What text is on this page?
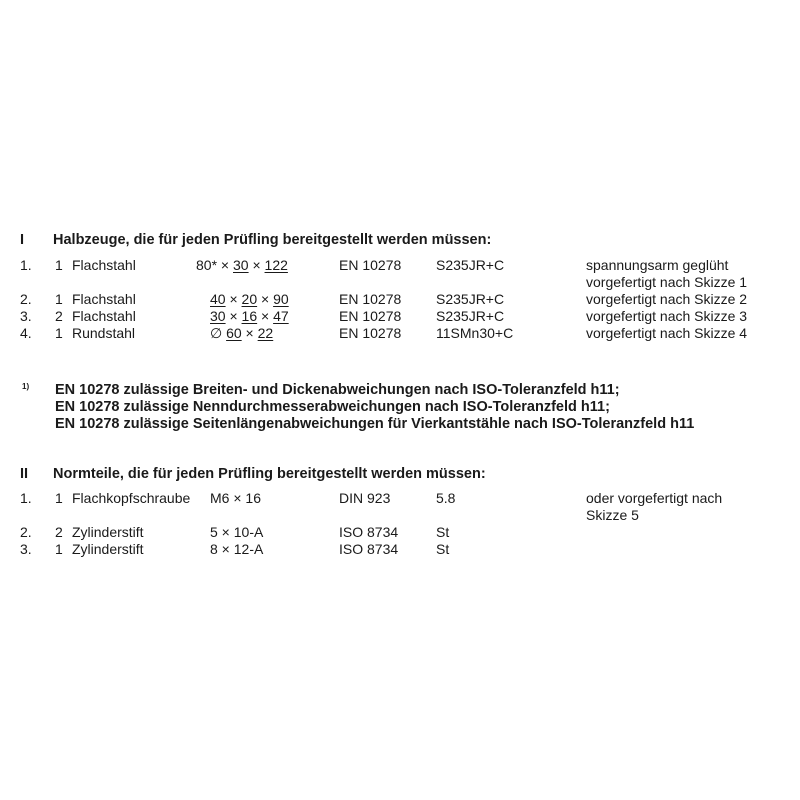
I Halbzeuge, die für jeden Prüfling bereitgestellt werden müssen:
1. 1 Flachstahl	80* × 30 × 122	EN 10278 S235JR+C	spannungsarm geglüht
vorgefertigt nach Skizze 1
2. 1 Flachstahl	40 × 20 × 90	EN 10278 S235JR+C	vorgefertigt nach Skizze 2
3. 2 Flachstahl	30 × 16 × 47	EN 10278 S235JR+C	vorgefertigt nach Skizze 3
4. 1 Rundstahl	∅ 60 × 22	EN 10278 11SMn30+C	vorgefertigt nach Skizze 4
1) EN 10278 zulässige Breiten- und Dickenabweichungen nach ISO-Toleranzfeld h11;
EN 10278 zulässige Nenndurchmesserabweichungen nach ISO-Toleranzfeld h11;
EN 10278 zulässige Seitenlängenabweichungen für Vierkantstähle nach ISO-Toleranzfeld h11
II Normteile, die für jeden Prüfling bereitgestellt werden müssen:
1. 1 Flachkopfschraube M6 × 16	DIN 923	5.8	oder vorgefertigt nach
Skizze 5
2. 2 Zylinderstift	5 × 10-A	ISO 8734	St
3. 1 Zylinderstift	8 × 12-A	ISO 8734	St
